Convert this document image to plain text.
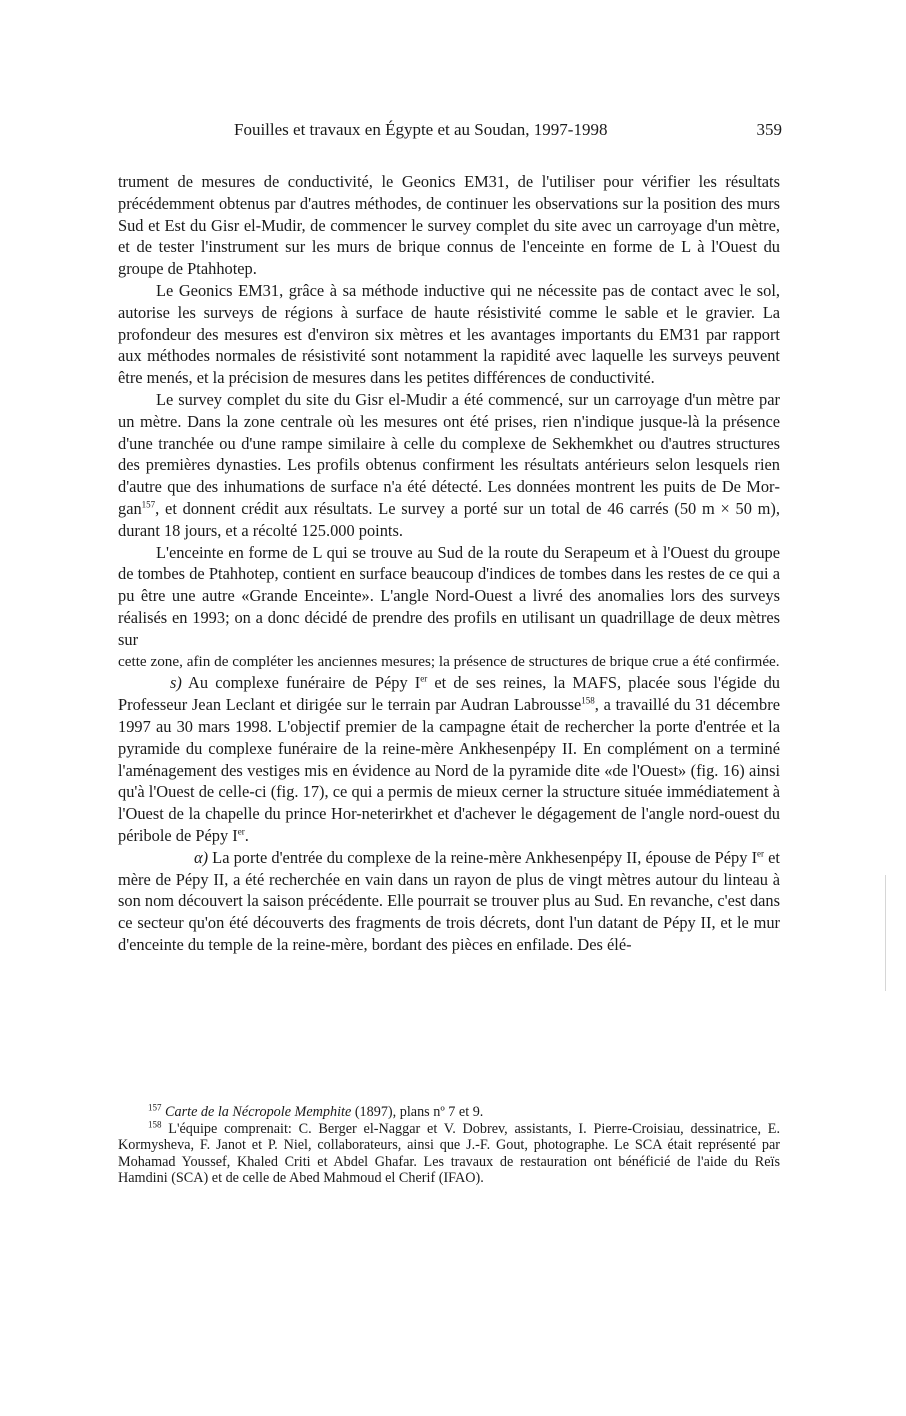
Fouilles et travaux en Égypte et au Soudan, 1997-1998	359

trument de mesures de conductivité, le Geonics EM31, de l'utiliser pour vérifier les résultats précédemment obtenus par d'autres méthodes, de continuer les observations sur la position des murs Sud et Est du Gisr el-Mudir, de commencer le survey complet du site avec un carroyage d'un mètre, et de tester l'instrument sur les murs de brique connus de l'enceinte en forme de L à l'Ouest du groupe de Ptahhotep.

Le Geonics EM31, grâce à sa méthode inductive qui ne nécessite pas de contact avec le sol, autorise les surveys de régions à surface de haute résistivité comme le sable et le gravier. La profondeur des mesures est d'environ six mètres et les avantages importants du EM31 par rapport aux méthodes normales de résistivité sont notamment la rapidité avec laquelle les surveys peuvent être menés, et la précision de mesures dans les petites différences de conductivité.

Le survey complet du site du Gisr el-Mudir a été commencé, sur un carroyage d'un mètre par un mètre. Dans la zone centrale où les mesures ont été prises, rien n'indique jusque-là la présence d'une tranchée ou d'une rampe similaire à celle du complexe de Sekhemkhet ou d'autres structures des premières dynasties. Les profils obtenus confirment les résultats antérieurs selon lesquels rien d'autre que des inhumations de surface n'a été détecté. Les données montrent les puits de De Morgan$^{157}$, et donnent crédit aux résultats. Le survey a porté sur un total de 46 carrés (50 m × 50 m), durant 18 jours, et a récolté 125.000 points.

L'enceinte en forme de L qui se trouve au Sud de la route du Serapeum et à l'Ouest du groupe de tombes de Ptahhotep, contient en surface beaucoup d'indices de tombes dans les restes de ce qui a pu être une autre «Grande Enceinte». L'angle Nord-Ouest a livré des anomalies lors des surveys réalisés en 1993; on a donc décidé de prendre des profils en utilisant un quadrillage de deux mètres sur

cette zone, afin de compléter les anciennes mesures; la présence de structures de brique crue a été confirmée.

s) Au complexe funéraire de Pépy Ier et de ses reines, la MAFS, placée sous l'égide du Professeur Jean Leclant et dirigée sur le terrain par Audran Labrousse$^{158}$, a travaillé du 31 décembre 1997 au 30 mars 1998. L'objectif premier de la campagne était de rechercher la porte d'entrée et la pyramide du complexe funéraire de la reine-mère Ankhesenpépy II. En complément on a terminé l'aménagement des vestiges mis en évidence au Nord de la pyramide dite «de l'Ouest» (fig. 16) ainsi qu'à l'Ouest de celle-ci (fig. 17), ce qui a permis de mieux cerner la structure située immédiatement à l'Ouest de la chapelle du prince Hor-neterirkhet et d'achever le dégagement de l'angle nord-ouest du péribole de Pépy Ier.

α) La porte d'entrée du complexe de la reine-mère Ankhesenpépy II, épouse de Pépy Ier et mère de Pépy II, a été recherchée en vain dans un rayon de plus de vingt mètres autour du linteau à son nom découvert la saison précédente. Elle pourrait se trouver plus au Sud. En revanche, c'est dans ce secteur qu'on été découverts des fragments de trois décrets, dont l'un datant de Pépy II, et le mur d'enceinte du temple de la reine-mère, bordant des pièces en enfilade. Des élé-

$^{157}$ Carte de la Nécropole Memphite (1897), plans nº 7 et 9.

$^{158}$ L'équipe comprenait: C. Berger el-Naggar et V. Dobrev, assistants, I. Pierre-Croisiau, dessinatrice, E. Kormysheva, F. Janot et P. Niel, collaborateurs, ainsi que J.-F. Gout, photographe. Le SCA était représenté par Mohamad Youssef, Khaled Criti et Abdel Ghafar. Les travaux de restauration ont bénéficié de l'aide du Reïs Hamdini (SCA) et de celle de Abed Mahmoud el Cherif (IFAO).
